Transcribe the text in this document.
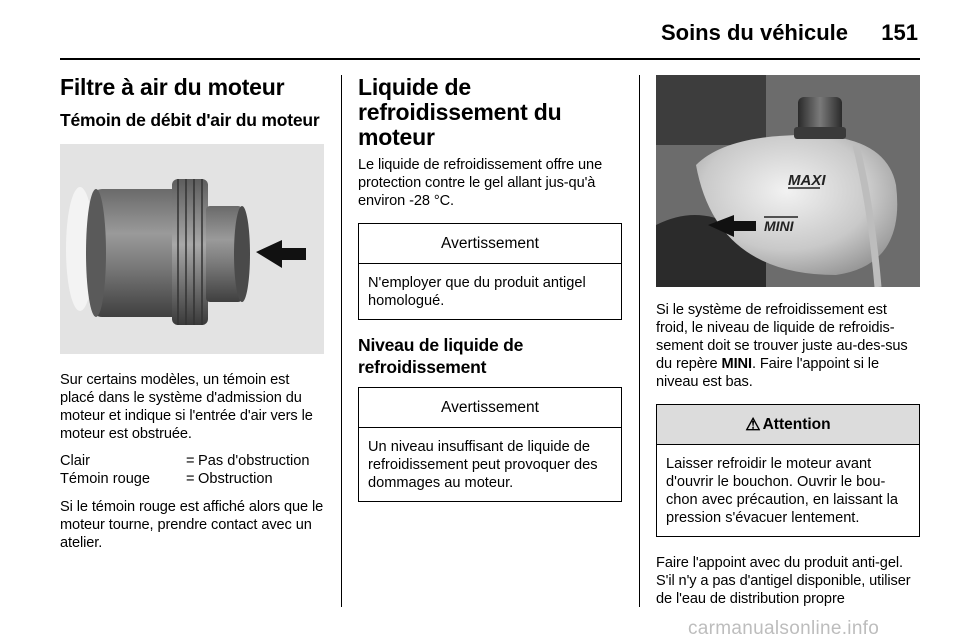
Soins du véhicule 151
Filtre à air du moteur
Témoin de débit d'air du moteur

Sur certains modèles, un témoin est placé dans le système d'admission du moteur et indique si l'entrée d'air vers le moteur est obstruée.

Clair	= Pas d'obstruction
Témoin rouge	= Obstruction

Si le témoin rouge est affiché alors que le moteur tourne, prendre contact avec un atelier.

Liquide de refroidissement du moteur

Le liquide de refroidissement offre une protection contre le gel allant jus-qu'à environ -28 °C.

Avertissement
N'employer que du produit antigel homologué.
Niveau de liquide de refroidissement
Avertissement
Un niveau insuffisant de liquide de refroidissement peut provoquer des dommages au moteur.
MAXI
MINI

Si le système de refroidissement est froid, le niveau de liquide de refroidis-sement doit se trouver juste au-des-sus du repère MINI. Faire l'appoint si le niveau est bas.

⚠ Attention
Laisser refroidir le moteur avant d'ouvrir le bouchon. Ouvrir le bou-chon avec précaution, en laissant la pression s'évacuer lentement.

Faire l'appoint avec du produit anti-gel. S'il n'y a pas d'antigel disponible, utiliser de l'eau de distribution propre

carmanualsonline.info
